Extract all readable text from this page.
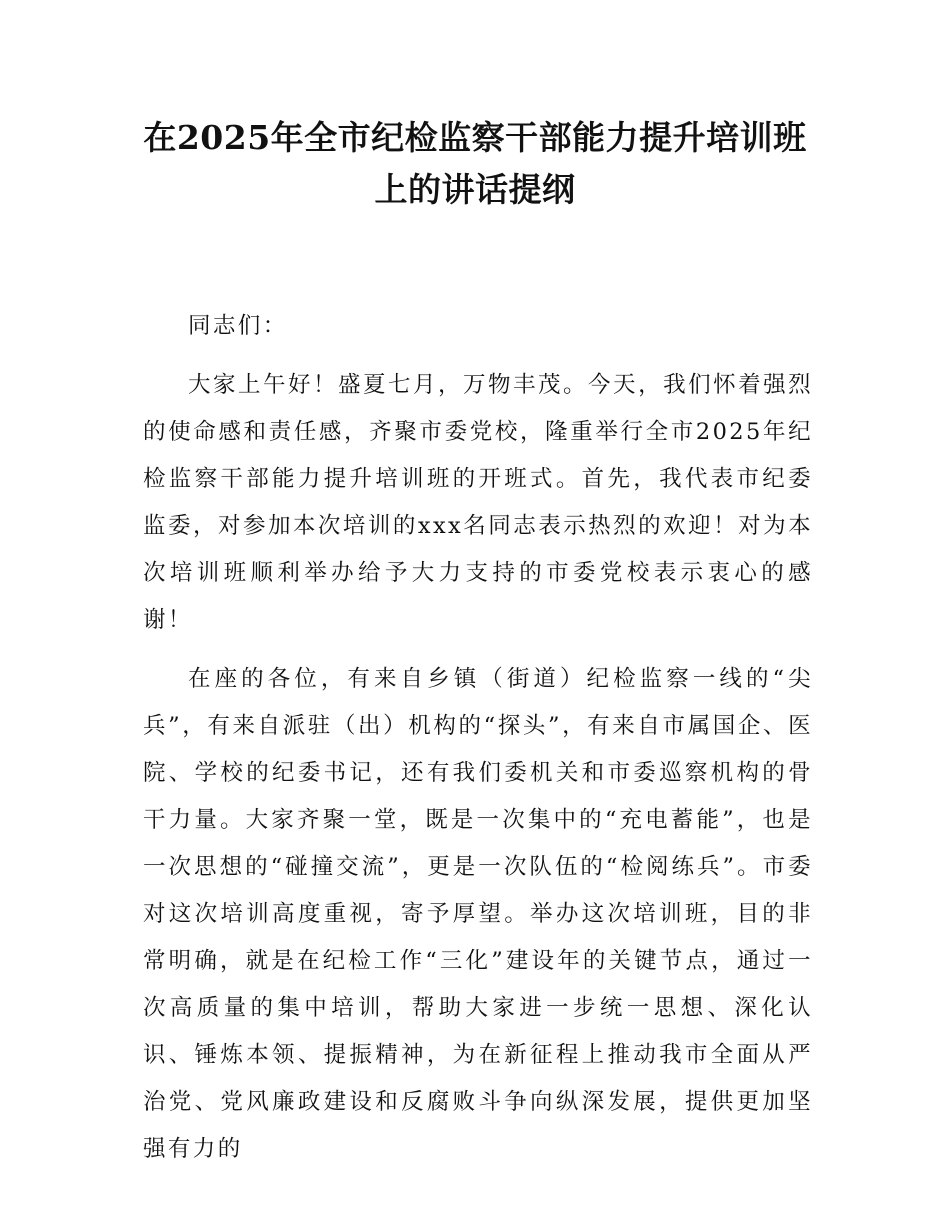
在2025年全市纪检监察干部能力提升培训班上的讲话提纲

同志们：

大家上午好！盛夏七月，万物丰茂。今天，我们怀着强烈的使命感和责任感，齐聚市委党校，隆重举行全市2025年纪检监察干部能力提升培训班的开班式。首先，我代表市纪委监委，对参加本次培训的xxx名同志表示热烈的欢迎！对为本次培训班顺利举办给予大力支持的市委党校表示衷心的感谢！

在座的各位，有来自乡镇（街道）纪检监察一线的“尖兵”，有来自派驻（出）机构的“探头”，有来自市属国企、医院、学校的纪委书记，还有我们委机关和市委巡察机构的骨干力量。大家齐聚一堂，既是一次集中的“充电蓄能”，也是一次思想的“碰撞交流”，更是一次队伍的“检阅练兵”。市委对这次培训高度重视，寄予厚望。举办这次培训班，目的非常明确，就是在纪检工作“三化”建设年的关键节点，通过一次高质量的集中培训，帮助大家进一步统一思想、深化认识、锤炼本领、提振精神，为在新征程上推动我市全面从严治党、党风廉政建设和反腐败斗争向纵深发展，提供更加坚强有力的
